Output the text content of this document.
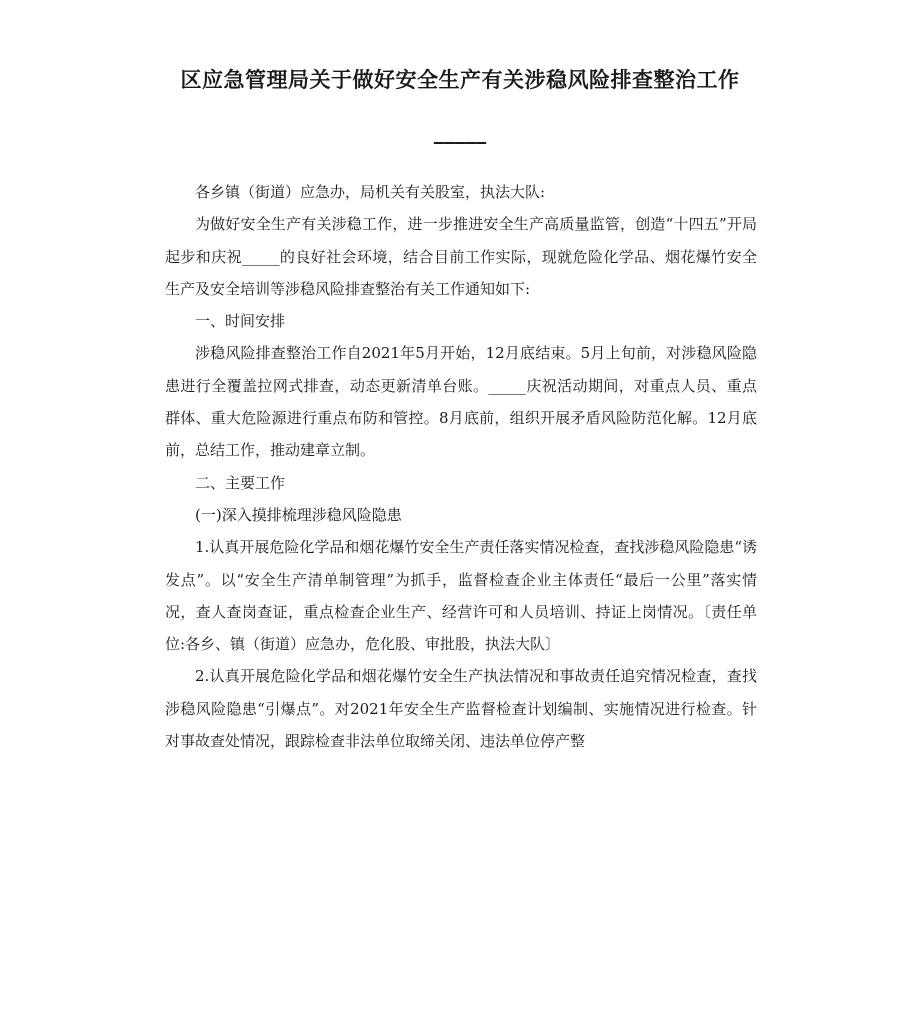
区应急管理局关于做好安全生产有关涉稳风险排查整治工作
_____

各乡镇（街道）应急办，局机关有关股室，执法大队:

为做好安全生产有关涉稳工作，进一步推进安全生产高质量监管，创造“十四五”开局起步和庆祝_____的良好社会环境，结合目前工作实际，现就危险化学品、烟花爆竹安全生产及安全培训等涉稳风险排查整治有关工作通知如下:

一、时间安排

涉稳风险排查整治工作自2021年5月开始，12月底结束。5月上旬前，对涉稳风险隐患进行全覆盖拉网式排查，动态更新清单台账。_____庆祝活动期间，对重点人员、重点群体、重大危险源进行重点布防和管控。8月底前，组织开展矛盾风险防范化解。12月底前，总结工作，推动建章立制。

二、主要工作

(一)深入摸排梳理涉稳风险隐患

1.认真开展危险化学品和烟花爆竹安全生产责任落实情况检查，查找涉稳风险隐患“诱发点”。以“安全生产清单制管理”为抓手，监督检查企业主体责任“最后一公里”落实情况，查人查岗查证，重点检查企业生产、经营许可和人员培训、持证上岗情况。〔责任单位:各乡、镇（街道）应急办，危化股、审批股，执法大队〕

2.认真开展危险化学品和烟花爆竹安全生产执法情况和事故责任追究情况检查，查找涉稳风险隐患“引爆点”。对2021年安全生产监督检查计划编制、实施情况进行检查。针对事故查处情况，跟踪检查非法单位取缔关闭、违法单位停产整
